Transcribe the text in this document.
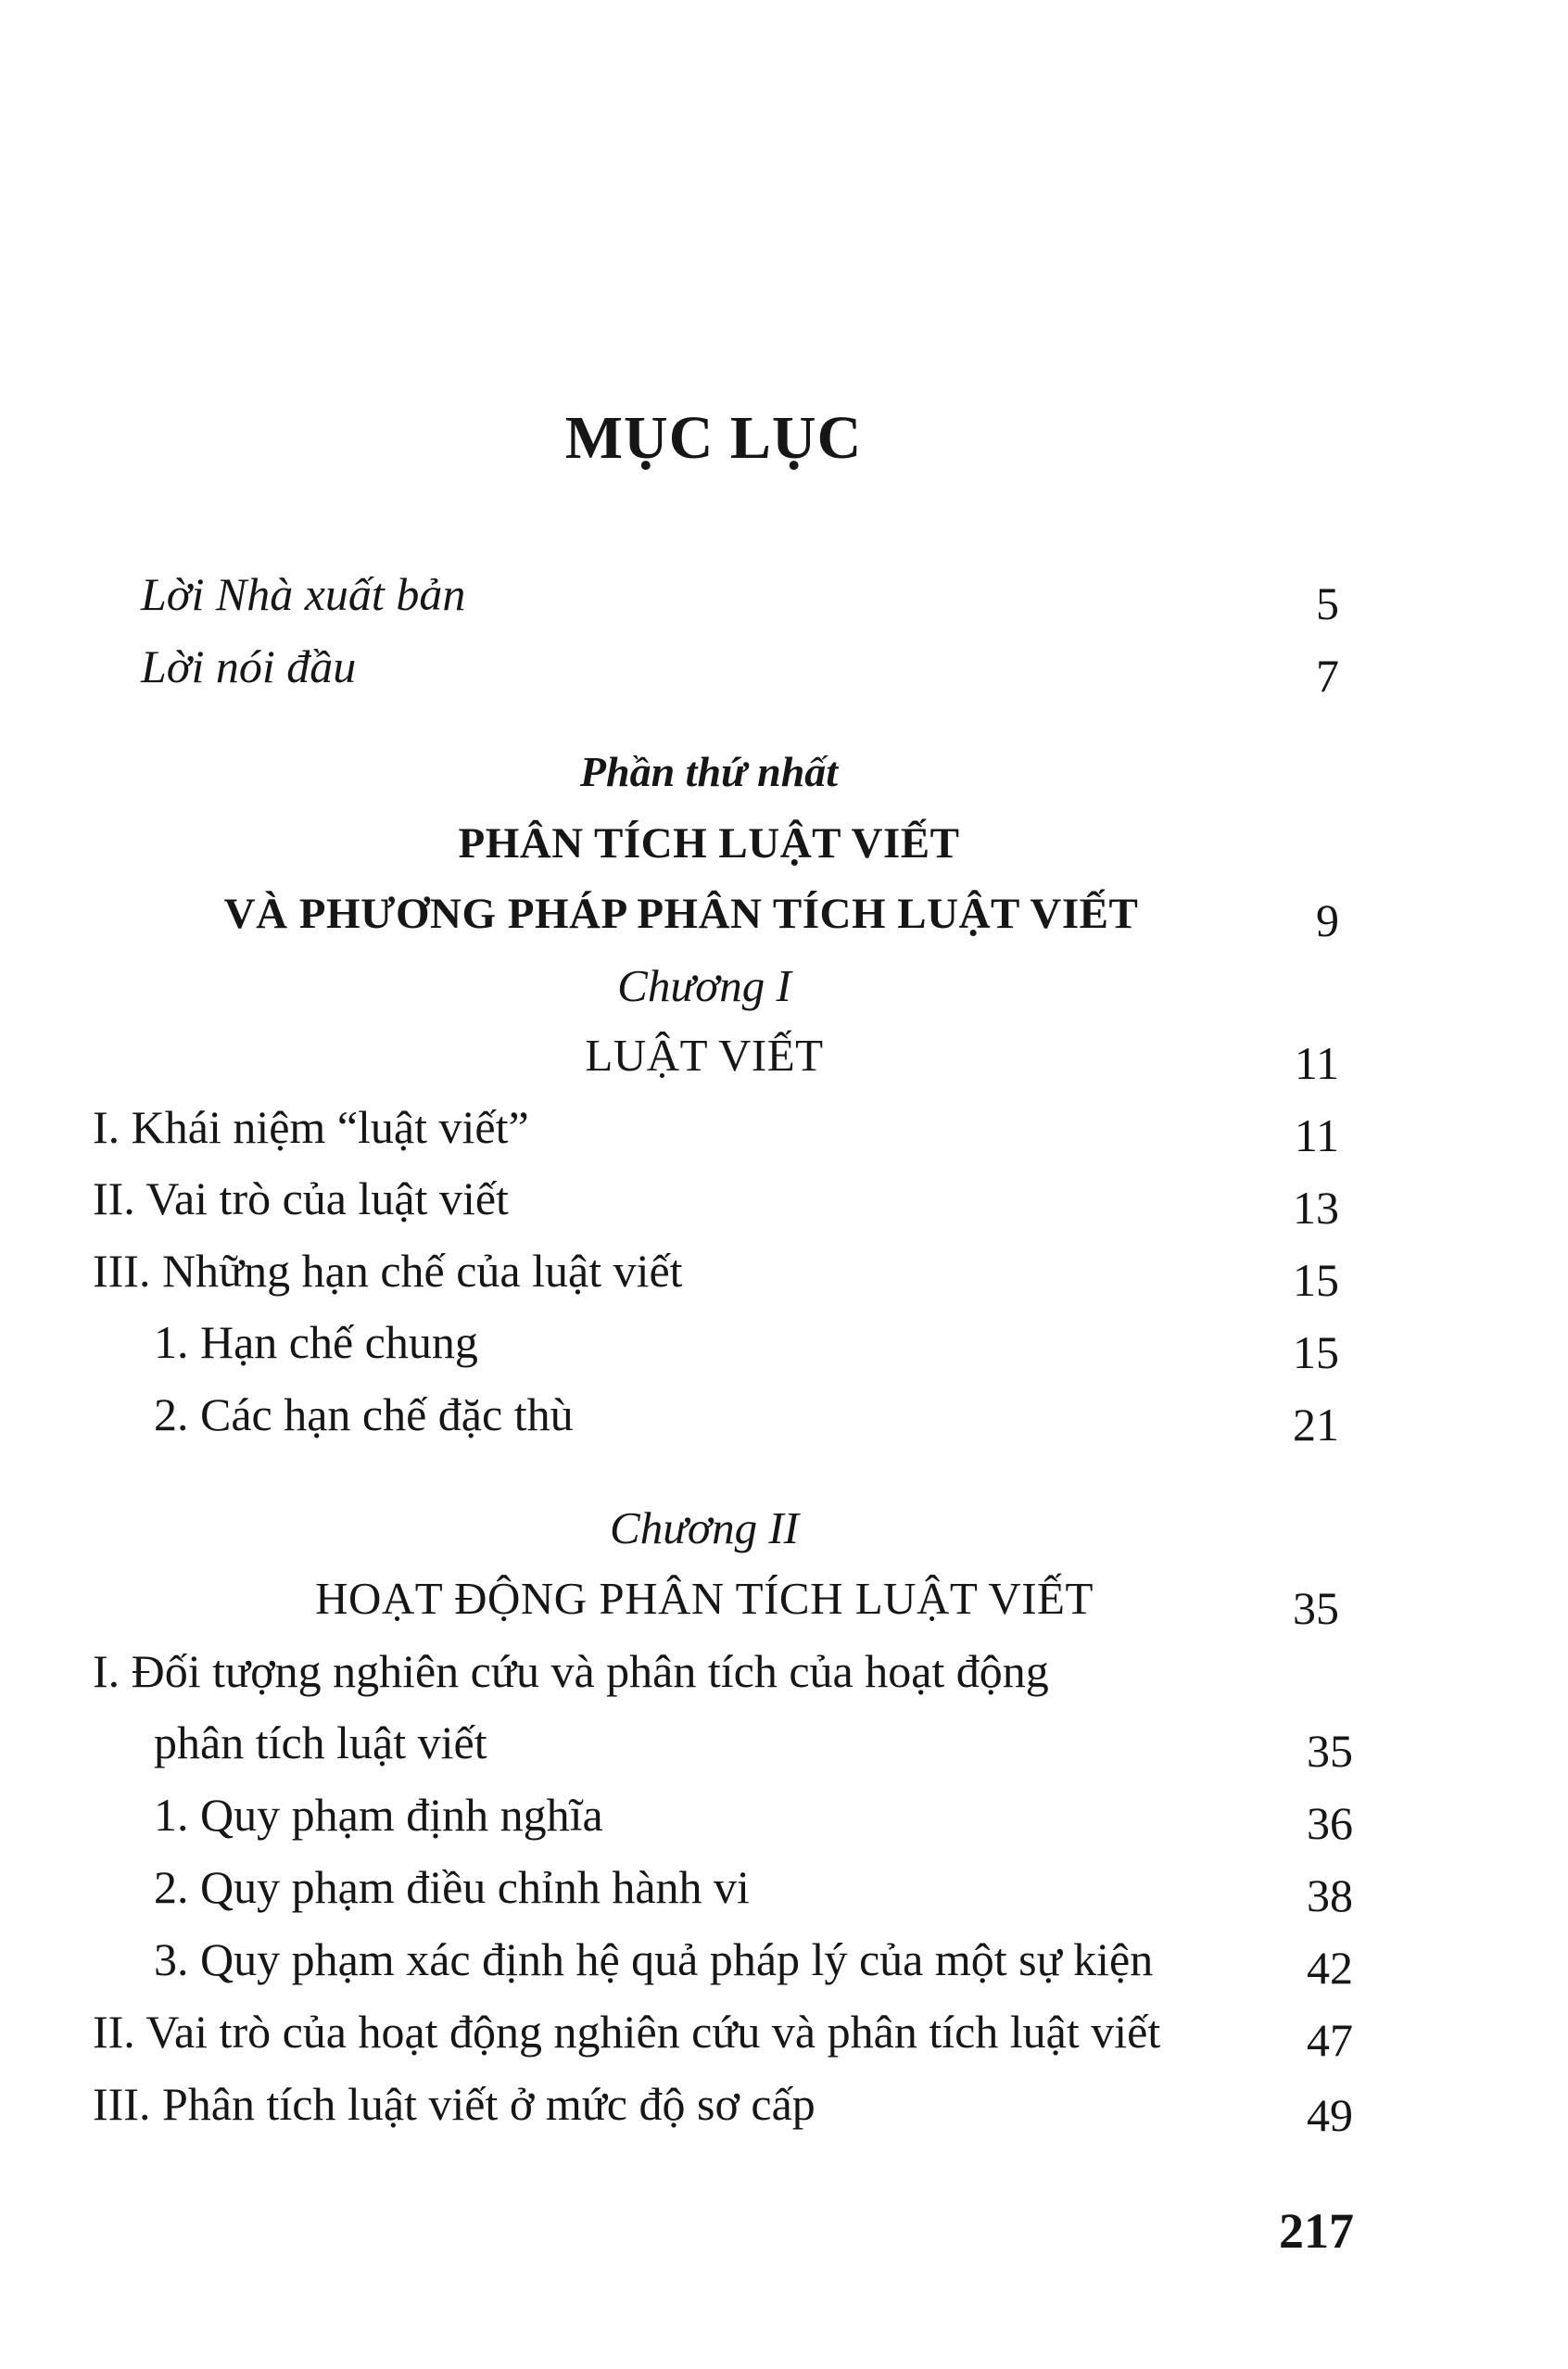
MỤC LỤC
Lời Nhà xuất bản	5
Lời nói đầu	7
Phần thứ nhất
PHÂN TÍCH LUẬT VIẾT
VÀ PHƯƠNG PHÁP PHÂN TÍCH LUẬT VIẾT	9
Chương I
LUẬT VIẾT	11
I. Khái niệm “luật viết”	11
II. Vai trò của luật viết	13
III. Những hạn chế của luật viết	15
1. Hạn chế chung	15
2. Các hạn chế đặc thù	21
Chương II
HOẠT ĐỘNG PHÂN TÍCH LUẬT VIẾT	35
I. Đối tượng nghiên cứu và phân tích của hoạt động
phân tích luật viết	35
1. Quy phạm định nghĩa	36
2. Quy phạm điều chỉnh hành vi	38
3. Quy phạm xác định hệ quả pháp lý của một sự kiện	42
II. Vai trò của hoạt động nghiên cứu và phân tích luật viết	47
III. Phân tích luật viết ở mức độ sơ cấp	49
217
